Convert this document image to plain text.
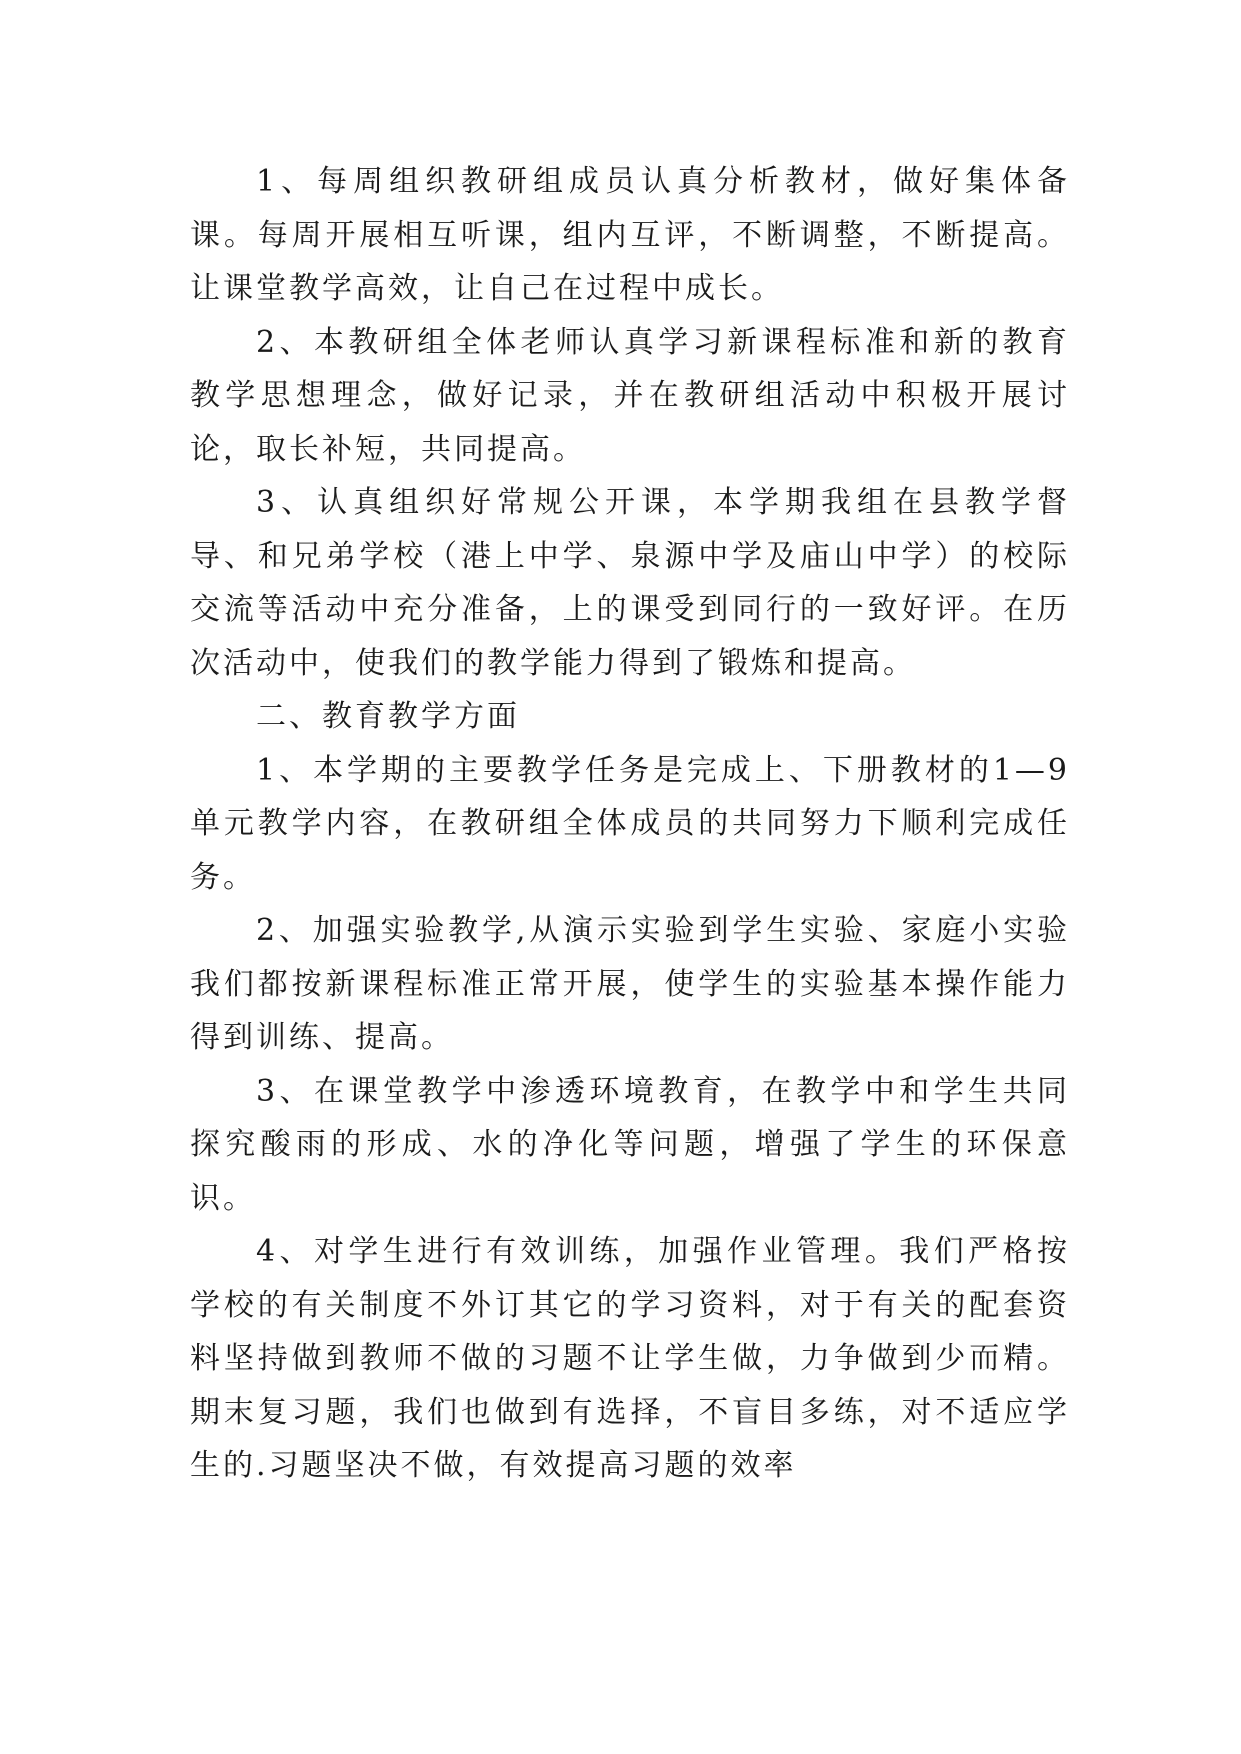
1、每周组织教研组成员认真分析教材，做好集体备课。每周开展相互听课，组内互评，不断调整，不断提高。让课堂教学高效，让自己在过程中成长。

2、本教研组全体老师认真学习新课程标准和新的教育教学思想理念，做好记录，并在教研组活动中积极开展讨论，取长补短，共同提高。

3、认真组织好常规公开课，本学期我组在县教学督导、和兄弟学校（港上中学、泉源中学及庙山中学）的校际交流等活动中充分准备，上的课受到同行的一致好评。在历次活动中，使我们的教学能力得到了锻炼和提高。

二、教育教学方面

1、本学期的主要教学任务是完成上、下册教材的1—9单元教学内容，在教研组全体成员的共同努力下顺利完成任务。

2、加强实验教学,从演示实验到学生实验、家庭小实验我们都按新课程标准正常开展，使学生的实验基本操作能力得到训练、提高。

3、在课堂教学中渗透环境教育，在教学中和学生共同探究酸雨的形成、水的净化等问题，增强了学生的环保意识。

4、对学生进行有效训练，加强作业管理。我们严格按学校的有关制度不外订其它的学习资料，对于有关的配套资料坚持做到教师不做的习题不让学生做，力争做到少而精。期末复习题，我们也做到有选择，不盲目多练，对不适应学生的.习题坚决不做，有效提高习题的效率
